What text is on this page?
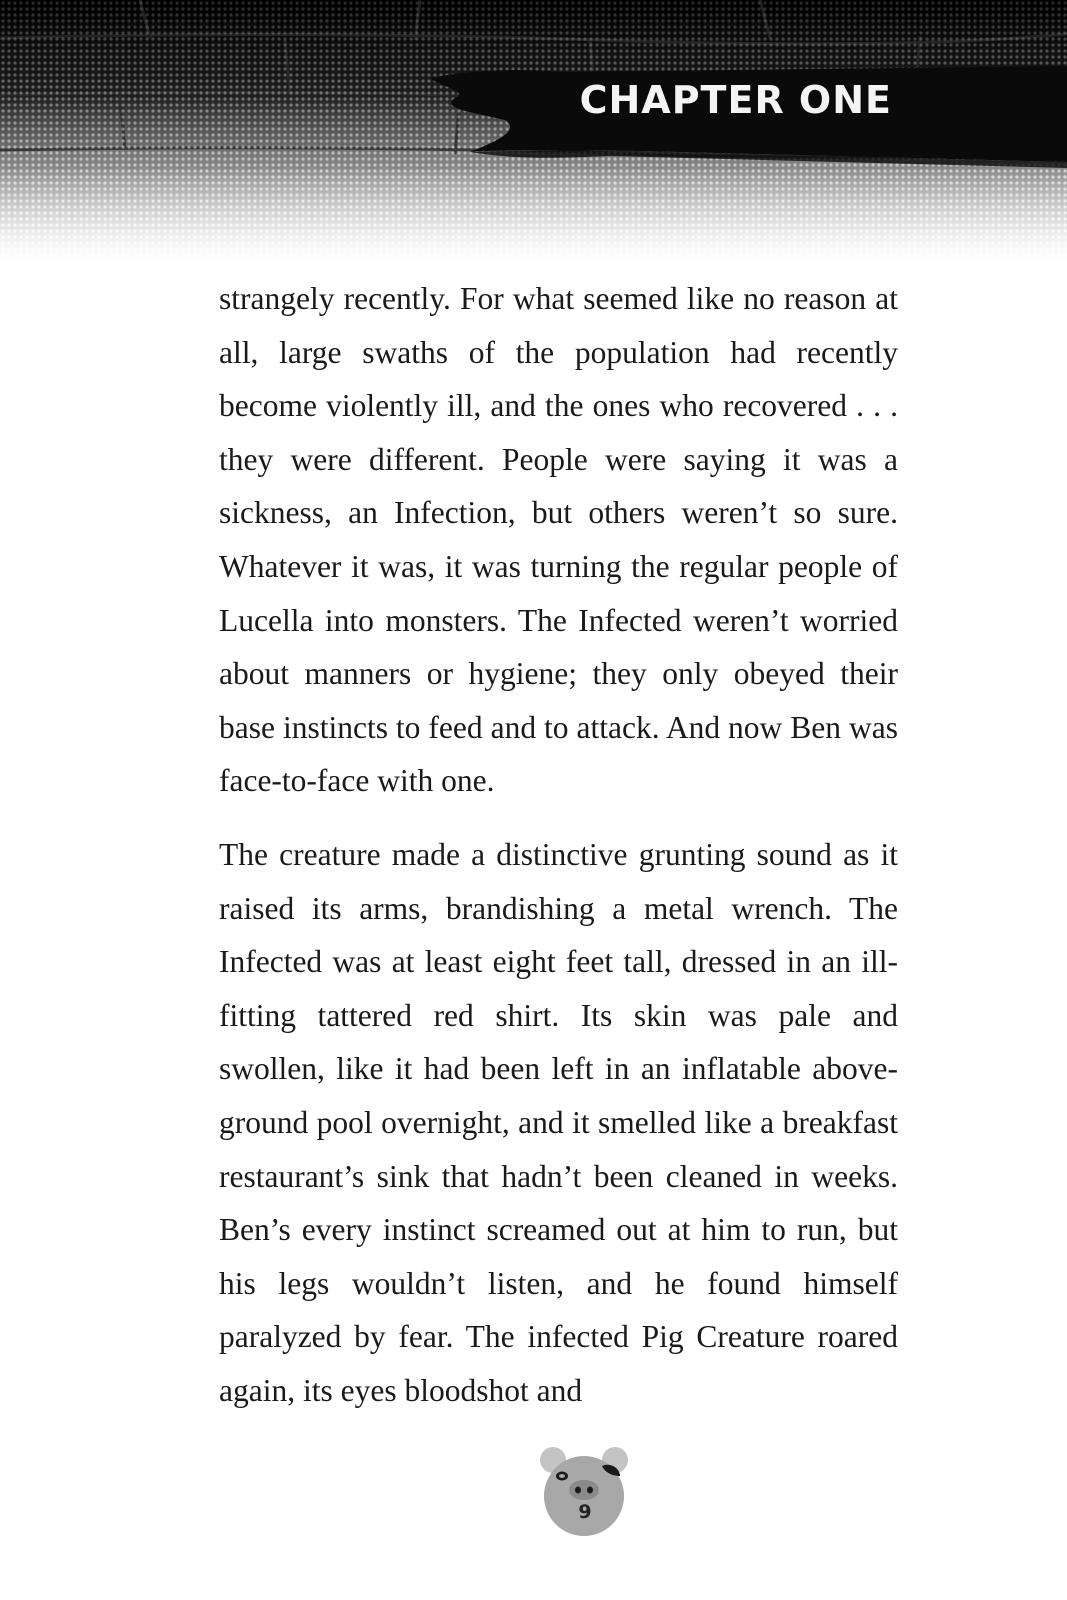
CHAPTER ONE

strangely recently. For what seemed like no reason at all, large swaths of the population had recently become violently ill, and the ones who recovered . . . they were different. People were saying it was a sickness, an Infection, but others weren’t so sure. Whatever it was, it was turning the regular people of Lucella into monsters. The Infected weren’t worried about manners or hygiene; they only obeyed their base instincts to feed and to attack. And now Ben was face-to-face with one.

The creature made a distinctive grunting sound as it raised its arms, brandishing a metal wrench. The Infected was at least eight feet tall, dressed in an ill-fitting tattered red shirt. Its skin was pale and swollen, like it had been left in an inflatable above-ground pool overnight, and it smelled like a breakfast restaurant’s sink that hadn’t been cleaned in weeks. Ben’s every instinct screamed out at him to run, but his legs wouldn’t listen, and he found himself paralyzed by fear. The infected Pig Creature roared again, its eyes bloodshot and

9
